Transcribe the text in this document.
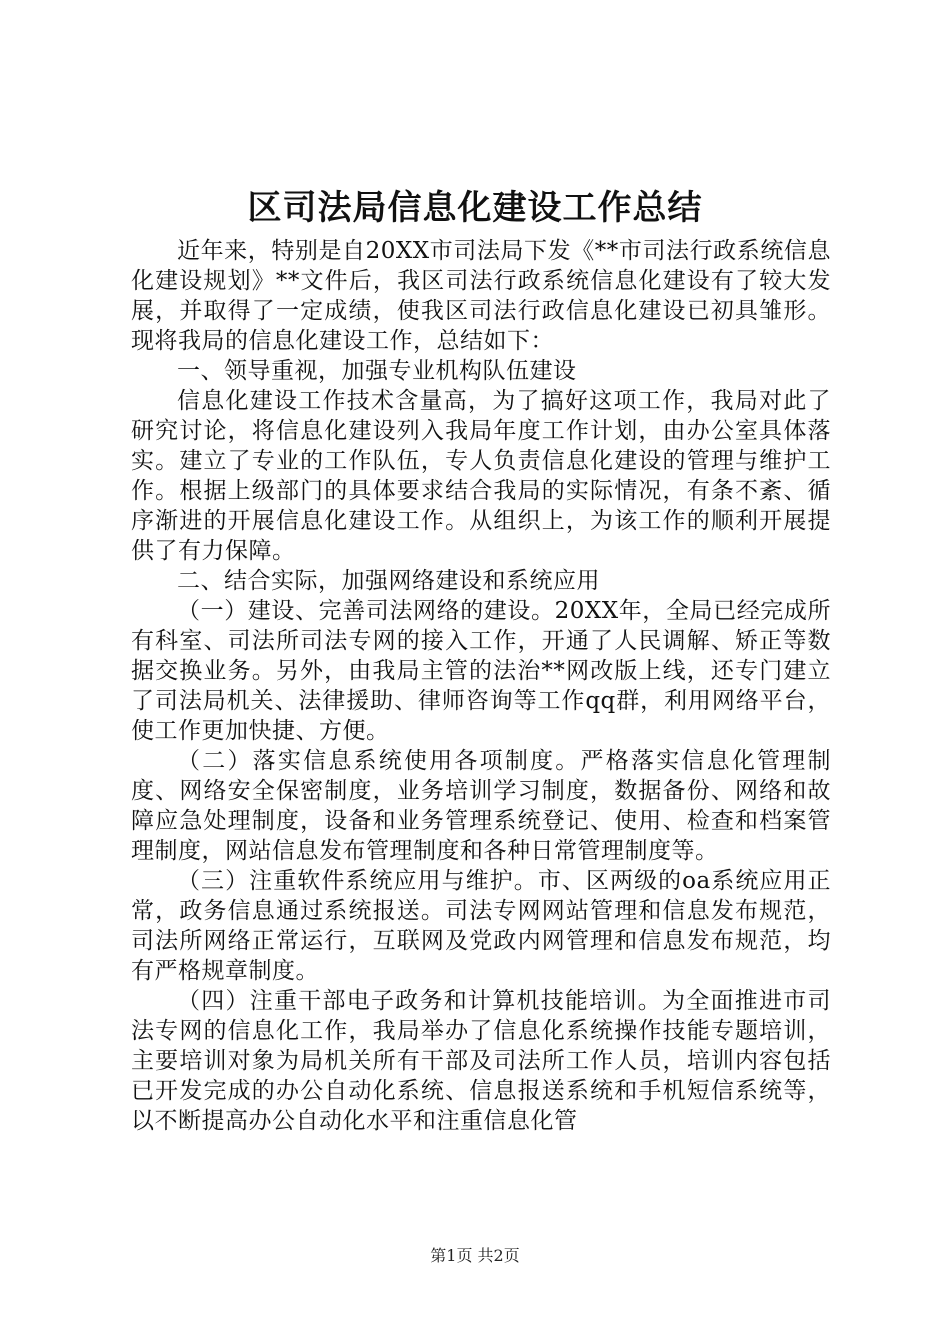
区司法局信息化建设工作总结

近年来，特别是自20XX市司法局下发《**市司法行政系统信息化建设规划》**文件后，我区司法行政系统信息化建设有了较大发展，并取得了一定成绩，使我区司法行政信息化建设已初具雏形。现将我局的信息化建设工作，总结如下：

一、领导重视，加强专业机构队伍建设

信息化建设工作技术含量高，为了搞好这项工作，我局对此了研究讨论，将信息化建设列入我局年度工作计划，由办公室具体落实。建立了专业的工作队伍，专人负责信息化建设的管理与维护工作。根据上级部门的具体要求结合我局的实际情况，有条不紊、循序渐进的开展信息化建设工作。从组织上，为该工作的顺利开展提供了有力保障。

二、结合实际，加强网络建设和系统应用

（一）建设、完善司法网络的建设。20XX年，全局已经完成所有科室、司法所司法专网的接入工作，开通了人民调解、矫正等数据交换业务。另外，由我局主管的法治**网改版上线，还专门建立了司法局机关、法律援助、律师咨询等工作qq群，利用网络平台，使工作更加快捷、方便。

（二）落实信息系统使用各项制度。严格落实信息化管理制度、网络安全保密制度，业务培训学习制度，数据备份、网络和故障应急处理制度，设备和业务管理系统登记、使用、检查和档案管理制度，网站信息发布管理制度和各种日常管理制度等。

（三）注重软件系统应用与维护。市、区两级的oa系统应用正常，政务信息通过系统报送。司法专网网站管理和信息发布规范，司法所网络正常运行，互联网及党政内网管理和信息发布规范，均有严格规章制度。

（四）注重干部电子政务和计算机技能培训。为全面推进市司法专网的信息化工作，我局举办了信息化系统操作技能专题培训，主要培训对象为局机关所有干部及司法所工作人员，培训内容包括已开发完成的办公自动化系统、信息报送系统和手机短信系统等，以不断提高办公自动化水平和注重信息化管

第1页 共2页
